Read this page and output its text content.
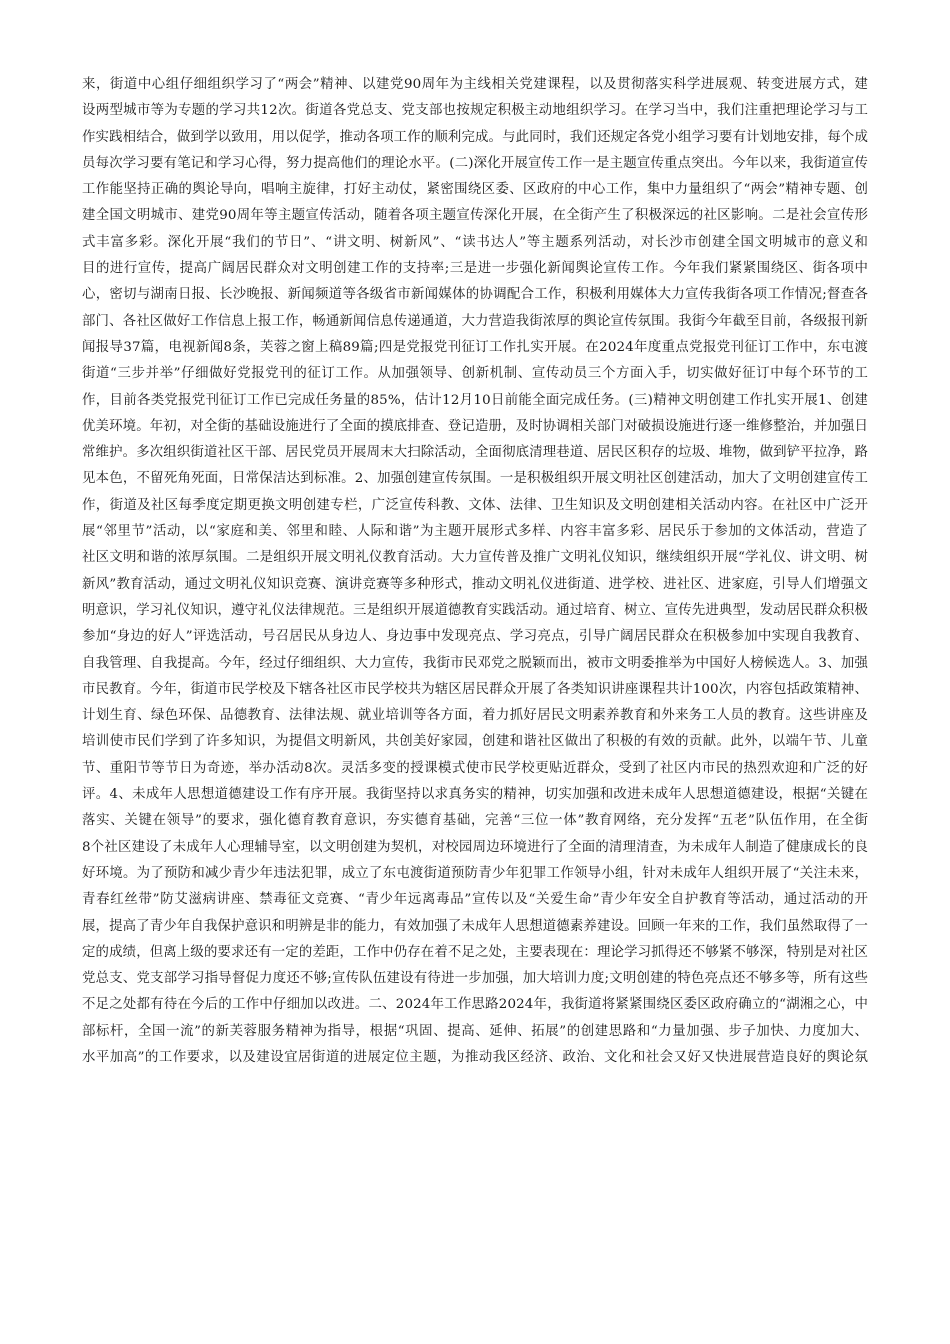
来，街道中心组仔细组织学习了“两会”精神、以建党90周年为主线相关党建课程，以及贯彻落实科学进展观、转变进展方式，建
设两型城市等为专题的学习共12次。街道各党总支、党支部也按规定积极主动地组织学习。在学习当中，我们注重把理论学习与工
作实践相结合，做到学以致用，用以促学，推动各项工作的顺利完成。与此同时，我们还规定各党小组学习要有计划地安排，每个成
员每次学习要有笔记和学习心得，努力提高他们的理论水平。(二)深化开展宣传工作一是主题宣传重点突出。今年以来，我街道宣传
工作能坚持正确的舆论导向，唱响主旋律，打好主动仗，紧密围绕区委、区政府的中心工作，集中力量组织了“两会”精神专题、创
建全国文明城市、建党90周年等主题宣传活动，随着各项主题宣传深化开展，在全街产生了积极深远的社区影响。二是社会宣传形
式丰富多彩。深化开展“我们的节日”、“讲文明、树新风”、“读书达人”等主题系列活动，对长沙市创建全国文明城市的意义和
目的进行宣传，提高广阔居民群众对文明创建工作的支持率;三是进一步强化新闻舆论宣传工作。今年我们紧紧围绕区、街各项中
心，密切与湖南日报、长沙晚报、新闻频道等各级省市新闻媒体的协调配合工作，积极利用媒体大力宣传我街各项工作情况;督查各
部门、各社区做好工作信息上报工作，畅通新闻信息传递通道，大力营造我街浓厚的舆论宣传氛围。我街今年截至目前，各级报刊新
闻报导37篇，电视新闻8条，芙蓉之窗上稿89篇;四是党报党刊征订工作扎实开展。在2024年度重点党报党刊征订工作中，东屯渡
街道“三步并举”仔细做好党报党刊的征订工作。从加强领导、创新机制、宣传动员三个方面入手，切实做好征订中每个环节的工
作，目前各类党报党刊征订工作已完成任务量的85%，估计12月10日前能全面完成任务。(三)精神文明创建工作扎实开展1、创建
优美环境。年初，对全街的基础设施进行了全面的摸底排查、登记造册，及时协调相关部门对破损设施进行逐一维修整治，并加强日
常维护。多次组织街道社区干部、居民党员开展周末大扫除活动，全面彻底清理巷道、居民区积存的垃圾、堆物，做到铲平拉净，路
见本色，不留死角死面，日常保洁达到标准。2、加强创建宣传氛围。一是积极组织开展文明社区创建活动，加大了文明创建宣传工
作，街道及社区每季度定期更换文明创建专栏，广泛宣传科教、文体、法律、卫生知识及文明创建相关活动内容。在社区中广泛开
展“邻里节”活动，以“家庭和美、邻里和睦、人际和谐”为主题开展形式多样、内容丰富多彩、居民乐于参加的文体活动，营造了
社区文明和谐的浓厚氛围。二是组织开展文明礼仪教育活动。大力宣传普及推广文明礼仪知识，继续组织开展“学礼仪、讲文明、树
新风”教育活动，通过文明礼仪知识竞赛、演讲竞赛等多种形式，推动文明礼仪进街道、进学校、进社区、进家庭，引导人们增强文
明意识，学习礼仪知识，遵守礼仪法律规范。三是组织开展道德教育实践活动。通过培育、树立、宣传先进典型，发动居民群众积极
参加“身边的好人”评选活动，号召居民从身边人、身边事中发现亮点、学习亮点，引导广阔居民群众在积极参加中实现自我教育、
自我管理、自我提高。今年，经过仔细组织、大力宣传，我街市民邓党之脱颖而出，被市文明委推举为中国好人榜候选人。3、加强
市民教育。今年，街道市民学校及下辖各社区市民学校共为辖区居民群众开展了各类知识讲座课程共计100次，内容包括政策精神、
计划生育、绿色环保、品德教育、法律法规、就业培训等各方面，着力抓好居民文明素养教育和外来务工人员的教育。这些讲座及
培训使市民们学到了许多知识，为提倡文明新风，共创美好家园，创建和谐社区做出了积极的有效的贡献。此外，以端午节、儿童
节、重阳节等节日为奇迹，举办活动8次。灵活多变的授课模式使市民学校更贴近群众，受到了社区内市民的热烈欢迎和广泛的好
评。4、未成年人思想道德建设工作有序开展。我街坚持以求真务实的精神，切实加强和改进未成年人思想道德建设，根据“关键在
落实、关键在领导”的要求，强化德育教育意识，夯实德育基础，完善“三位一体”教育网络，充分发挥“五老”队伍作用，在全街
8个社区建设了未成年人心理辅导室，以文明创建为契机，对校园周边环境进行了全面的清理清查，为未成年人制造了健康成长的良
好环境。为了预防和减少青少年违法犯罪，成立了东屯渡街道预防青少年犯罪工作领导小组，针对未成年人组织开展了“关注未来，
青春红丝带”防艾滋病讲座、禁毒征文竞赛、“青少年远离毒品”宣传以及“关爱生命”青少年安全自护教育等活动，通过活动的开
展，提高了青少年自我保护意识和明辨是非的能力，有效加强了未成年人思想道德素养建设。回顾一年来的工作，我们虽然取得了一
定的成绩，但离上级的要求还有一定的差距，工作中仍存在着不足之处，主要表现在：理论学习抓得还不够紧不够深，特别是对社区
党总支、党支部学习指导督促力度还不够;宣传队伍建设有待进一步加强，加大培训力度;文明创建的特色亮点还不够多等，所有这些
不足之处都有待在今后的工作中仔细加以改进。二、2024年工作思路2024年，我街道将紧紧围绕区委区政府确立的“湖湘之心，中
部标杆，全国一流”的新芙蓉服务精神为指导，根据“巩固、提高、延伸、拓展”的创建思路和“力量加强、步子加快、力度加大、
水平加高”的工作要求，以及建设宜居街道的进展定位主题，为推动我区经济、政治、文化和社会又好又快进展营造良好的舆论氛
